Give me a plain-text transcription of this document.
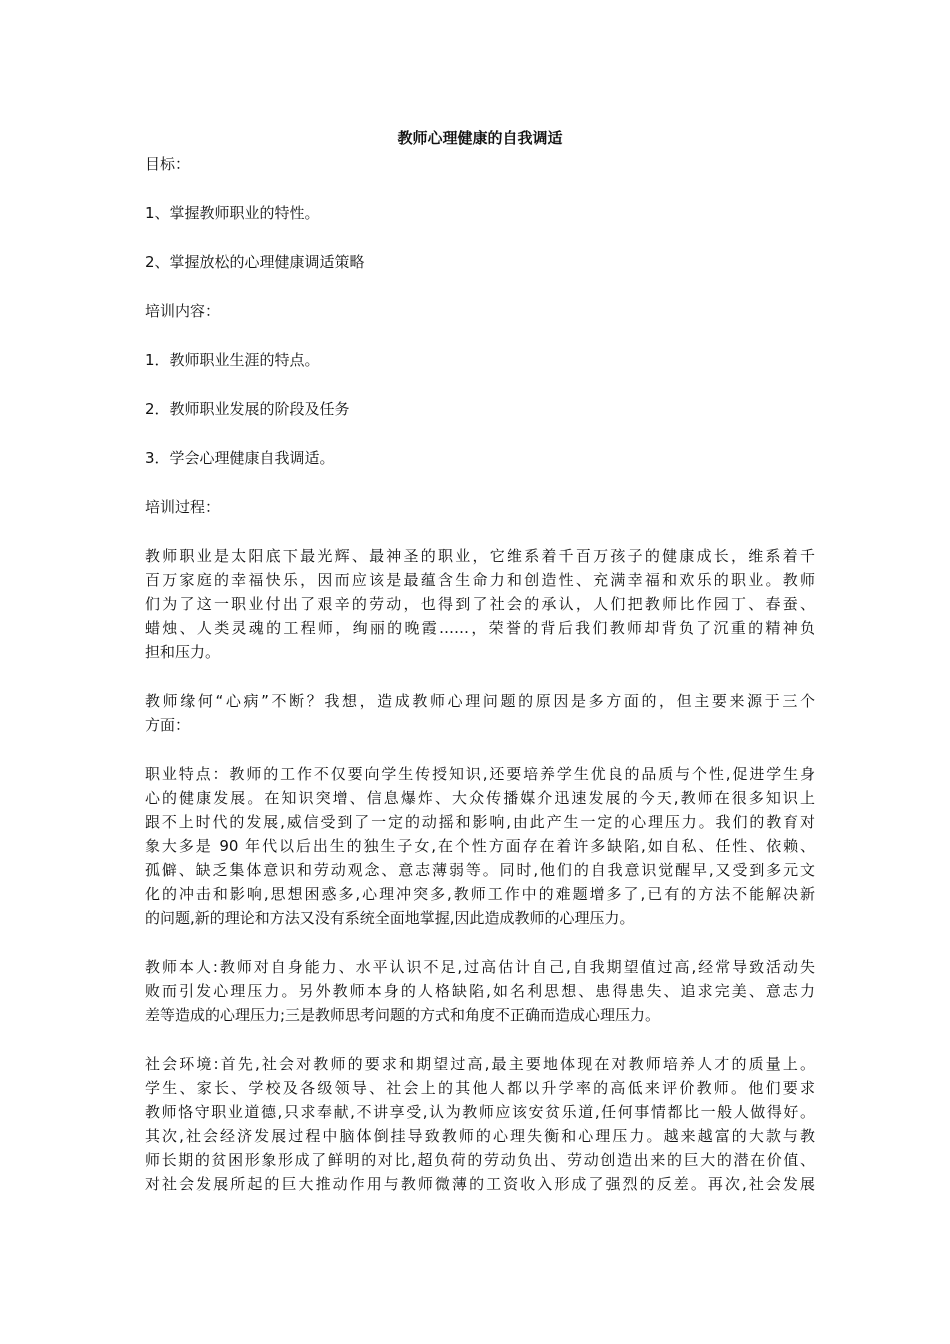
教师心理健康的自我调适

目标：

1、掌握教师职业的特性。

2、掌握放松的心理健康调适策略

培训内容：

1．教师职业生涯的特点。

2．教师职业发展的阶段及任务

3．学会心理健康自我调适。

培训过程：

教师职业是太阳底下最光辉、最神圣的职业，它维系着千百万孩子的健康成长，维系着千
百万家庭的幸福快乐，因而应该是最蕴含生命力和创造性、充满幸福和欢乐的职业。教师
们为了这一职业付出了艰辛的劳动，也得到了社会的承认，人们把教师比作园丁、春蚕、
蜡烛、人类灵魂的工程师，绚丽的晚霞……，荣誉的背后我们教师却背负了沉重的精神负
担和压力。
教师缘何“心病”不断？我想，造成教师心理问题的原因是多方面的，但主要来源于三个
方面：
职业特点：教师的工作不仅要向学生传授知识,还要培养学生优良的品质与个性,促进学生身
心的健康发展。在知识突增、信息爆炸、大众传播媒介迅速发展的今天,教师在很多知识上
跟不上时代的发展,威信受到了一定的动摇和影响,由此产生一定的心理压力。我们的教育对
象大多是 90 年代以后出生的独生子女,在个性方面存在着许多缺陷,如自私、任性、依赖、
孤僻、缺乏集体意识和劳动观念、意志薄弱等。同时,他们的自我意识觉醒早,又受到多元文
化的冲击和影响,思想困惑多,心理冲突多,教师工作中的难题增多了,已有的方法不能解决新
的问题,新的理论和方法又没有系统全面地掌握,因此造成教师的心理压力。
教师本人:教师对自身能力、水平认识不足,过高估计自己,自我期望值过高,经常导致活动失
败而引发心理压力。另外教师本身的人格缺陷,如名利思想、患得患失、追求完美、意志力
差等造成的心理压力;三是教师思考问题的方式和角度不正确而造成心理压力。
社会环境:首先,社会对教师的要求和期望过高,最主要地体现在对教师培养人才的质量上。
学生、家长、学校及各级领导、社会上的其他人都以升学率的高低来评价教师。他们要求
教师恪守职业道德,只求奉献,不讲享受,认为教师应该安贫乐道,任何事情都比一般人做得好。
其次,社会经济发展过程中脑体倒挂导致教师的心理失衡和心理压力。越来越富的大款与教
师长期的贫困形象形成了鲜明的对比,超负荷的劳动负出、劳动创造出来的巨大的潜在价值、
对社会发展所起的巨大推动作用与教师微薄的工资收入形成了强烈的反差。再次,社会发展
